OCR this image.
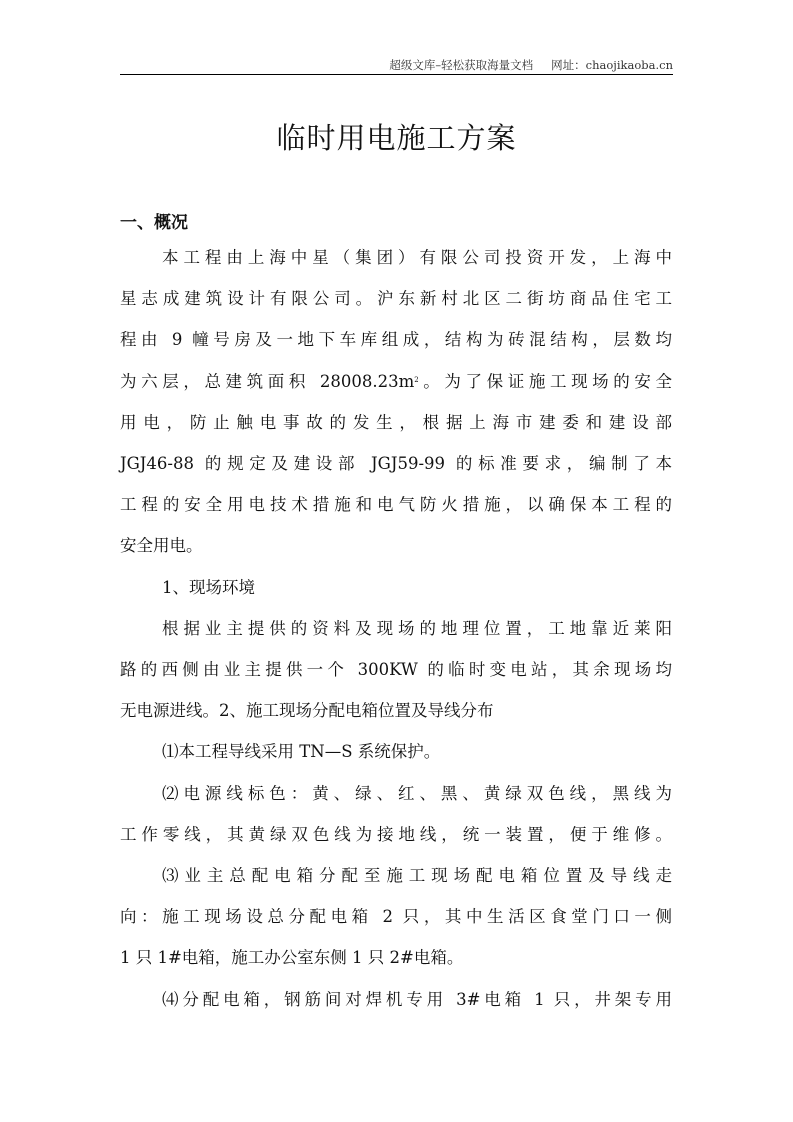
超级文库–轻松获取海量文档 网址：chaojikaoba.cn
临时用电施工方案
一、概况
本工程由上海中星（集团）有限公司投资开发，上海中
星志成建筑设计有限公司。沪东新村北区二街坊商品住宅工
程由 9 幢号房及一地下车库组成，结构为砖混结构，层数均
为六层，总建筑面积 $28008.23m^2$。为了保证施工现场的安全
用电，防止触电事故的发生，根据上海市建委和建设部
JGJ46-88 的规定及建设部 JGJ59-99 的标准要求，编制了本
工程的安全用电技术措施和电气防火措施，以确保本工程的
安全用电。
1、现场环境
根据业主提供的资料及现场的地理位置，工地靠近莱阳
路的西侧由业主提供一个 300KW 的临时变电站，其余现场均
无电源进线。2、施工现场分配电箱位置及导线分布
⑴本工程导线采用 TN—S 系统保护。
⑵电源线标色：黄、绿、红、黑、黄绿双色线，黑线为
工作零线，其黄绿双色线为接地线，统一装置，便于维修。
⑶业主总配电箱分配至施工现场配电箱位置及导线走
向：施工现场设总分配电箱 2 只，其中生活区食堂门口一侧
1 只 1#电箱，施工办公室东侧 1 只 2#电箱。
⑷分配电箱，钢筋间对焊机专用 3#电箱 1 只，井架专用
